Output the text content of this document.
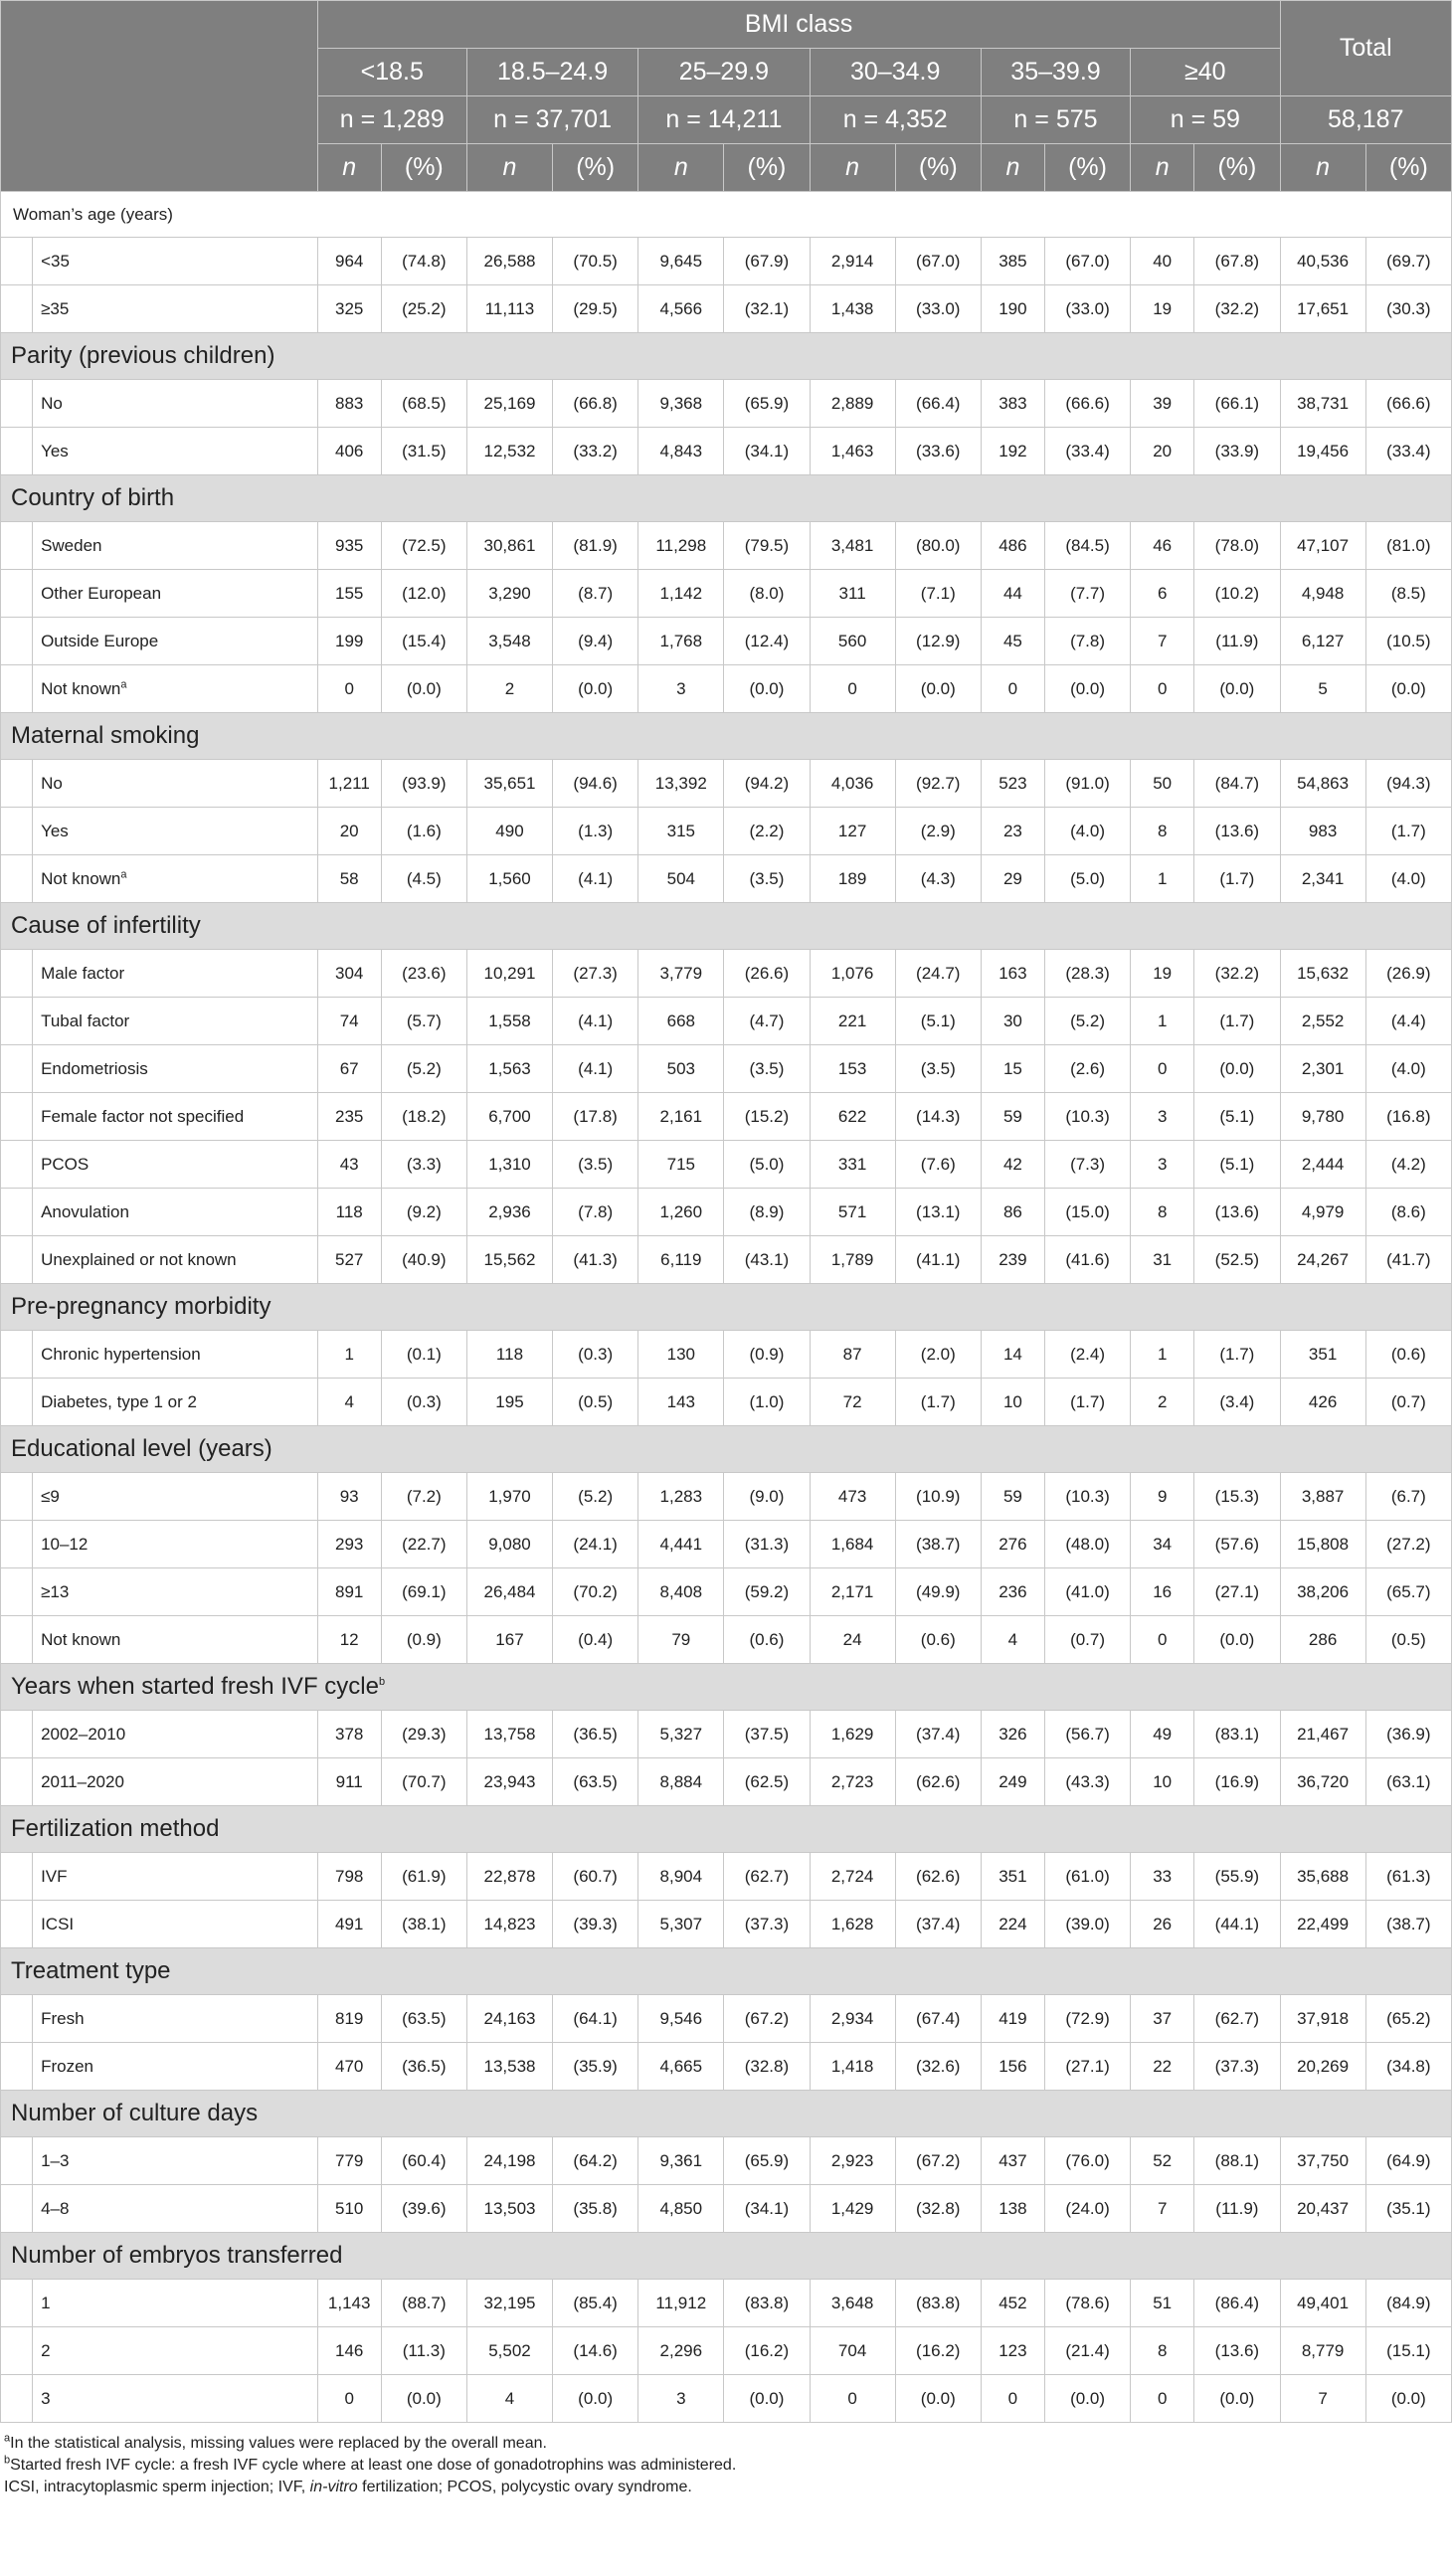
		BMI class												Total	
		<18.5		18.5–24.9		25–29.9		30–34.9		35–39.9		≥40			
		n = 1,289		n = 37,701		n = 14,211		n = 4,352		n = 575		n = 59		58,187	
		n	(%)	n	(%)	n	(%)	n	(%)	n	(%)	n	(%)	n	(%)
Woman’s age (years)															
	<35	964	(74.8)	26,588	(70.5)	9,645	(67.9)	2,914	(67.0)	385	(67.0)	40	(67.8)	40,536	(69.7)
	≥35	325	(25.2)	11,113	(29.5)	4,566	(32.1)	1,438	(33.0)	190	(33.0)	19	(32.2)	17,651	(30.3)
Parity (previous children)															
	No	883	(68.5)	25,169	(66.8)	9,368	(65.9)	2,889	(66.4)	383	(66.6)	39	(66.1)	38,731	(66.6)
	Yes	406	(31.5)	12,532	(33.2)	4,843	(34.1)	1,463	(33.6)	192	(33.4)	20	(33.9)	19,456	(33.4)
Country of birth															
	Sweden	935	(72.5)	30,861	(81.9)	11,298	(79.5)	3,481	(80.0)	486	(84.5)	46	(78.0)	47,107	(81.0)
	Other European	155	(12.0)	3,290	(8.7)	1,142	(8.0)	311	(7.1)	44	(7.7)	6	(10.2)	4,948	(8.5)
	Outside Europe	199	(15.4)	3,548	(9.4)	1,768	(12.4)	560	(12.9)	45	(7.8)	7	(11.9)	6,127	(10.5)
	Not known$^a$	0	(0.0)	2	(0.0)	3	(0.0)	0	(0.0)	0	(0.0)	0	(0.0)	5	(0.0)
Maternal smoking															
	No	1,211	(93.9)	35,651	(94.6)	13,392	(94.2)	4,036	(92.7)	523	(91.0)	50	(84.7)	54,863	(94.3)
	Yes	20	(1.6)	490	(1.3)	315	(2.2)	127	(2.9)	23	(4.0)	8	(13.6)	983	(1.7)
	Not known$^a$	58	(4.5)	1,560	(4.1)	504	(3.5)	189	(4.3)	29	(5.0)	1	(1.7)	2,341	(4.0)
Cause of infertility															
	Male factor	304	(23.6)	10,291	(27.3)	3,779	(26.6)	1,076	(24.7)	163	(28.3)	19	(32.2)	15,632	(26.9)
	Tubal factor	74	(5.7)	1,558	(4.1)	668	(4.7)	221	(5.1)	30	(5.2)	1	(1.7)	2,552	(4.4)
	Endometriosis	67	(5.2)	1,563	(4.1)	503	(3.5)	153	(3.5)	15	(2.6)	0	(0.0)	2,301	(4.0)
	Female factor not specified	235	(18.2)	6,700	(17.8)	2,161	(15.2)	622	(14.3)	59	(10.3)	3	(5.1)	9,780	(16.8)
	PCOS	43	(3.3)	1,310	(3.5)	715	(5.0)	331	(7.6)	42	(7.3)	3	(5.1)	2,444	(4.2)
	Anovulation	118	(9.2)	2,936	(7.8)	1,260	(8.9)	571	(13.1)	86	(15.0)	8	(13.6)	4,979	(8.6)
	Unexplained or not known	527	(40.9)	15,562	(41.3)	6,119	(43.1)	1,789	(41.1)	239	(41.6)	31	(52.5)	24,267	(41.7)
Pre-pregnancy morbidity															
	Chronic hypertension	1	(0.1)	118	(0.3)	130	(0.9)	87	(2.0)	14	(2.4)	1	(1.7)	351	(0.6)
	Diabetes, type 1 or 2	4	(0.3)	195	(0.5)	143	(1.0)	72	(1.7)	10	(1.7)	2	(3.4)	426	(0.7)
Educational level (years)															
	≤9	93	(7.2)	1,970	(5.2)	1,283	(9.0)	473	(10.9)	59	(10.3)	9	(15.3)	3,887	(6.7)
	10–12	293	(22.7)	9,080	(24.1)	4,441	(31.3)	1,684	(38.7)	276	(48.0)	34	(57.6)	15,808	(27.2)
	≥13	891	(69.1)	26,484	(70.2)	8,408	(59.2)	2,171	(49.9)	236	(41.0)	16	(27.1)	38,206	(65.7)
	Not known	12	(0.9)	167	(0.4)	79	(0.6)	24	(0.6)	4	(0.7)	0	(0.0)	286	(0.5)
Years when started fresh IVF cycle$^b$
	2002–2010	378	(29.3)	13,758	(36.5)	5,327	(37.5)	1,629	(37.4)	326	(56.7)	49	(83.1)	21,467	(36.9)
	2011–2020	911	(70.7)	23,943	(63.5)	8,884	(62.5)	2,723	(62.6)	249	(43.3)	10	(16.9)	36,720	(63.1)
Fertilization method															
	IVF	798	(61.9)	22,878	(60.7)	8,904	(62.7)	2,724	(62.6)	351	(61.0)	33	(55.9)	35,688	(61.3)
	ICSI	491	(38.1)	14,823	(39.3)	5,307	(37.3)	1,628	(37.4)	224	(39.0)	26	(44.1)	22,499	(38.7)
Treatment type															
	Fresh	819	(63.5)	24,163	(64.1)	9,546	(67.2)	2,934	(67.4)	419	(72.9)	37	(62.7)	37,918	(65.2)
	Frozen	470	(36.5)	13,538	(35.9)	4,665	(32.8)	1,418	(32.6)	156	(27.1)	22	(37.3)	20,269	(34.8)
Number of culture days															
	1–3	779	(60.4)	24,198	(64.2)	9,361	(65.9)	2,923	(67.2)	437	(76.0)	52	(88.1)	37,750	(64.9)
	4–8	510	(39.6)	13,503	(35.8)	4,850	(34.1)	1,429	(32.8)	138	(24.0)	7	(11.9)	20,437	(35.1)
Number of embryos transferred															
	1	1,143	(88.7)	32,195	(85.4)	11,912	(83.8)	3,648	(83.8)	452	(78.6)	51	(86.4)	49,401	(84.9)
	2	146	(11.3)	5,502	(14.6)	2,296	(16.2)	704	(16.2)	123	(21.4)	8	(13.6)	8,779	(15.1)
	3	0	(0.0)	4	(0.0)	3	(0.0)	0	(0.0)	0	(0.0)	0	(0.0)	7	(0.0)
$^a$In the statistical analysis, missing values were replaced by the overall mean.
$^b$Started fresh IVF cycle: a fresh IVF cycle where at least one dose of gonadotrophins was administered.
ICSI, intracytoplasmic sperm injection; IVF, in-vitro fertilization; PCOS, polycystic ovary syndrome.
